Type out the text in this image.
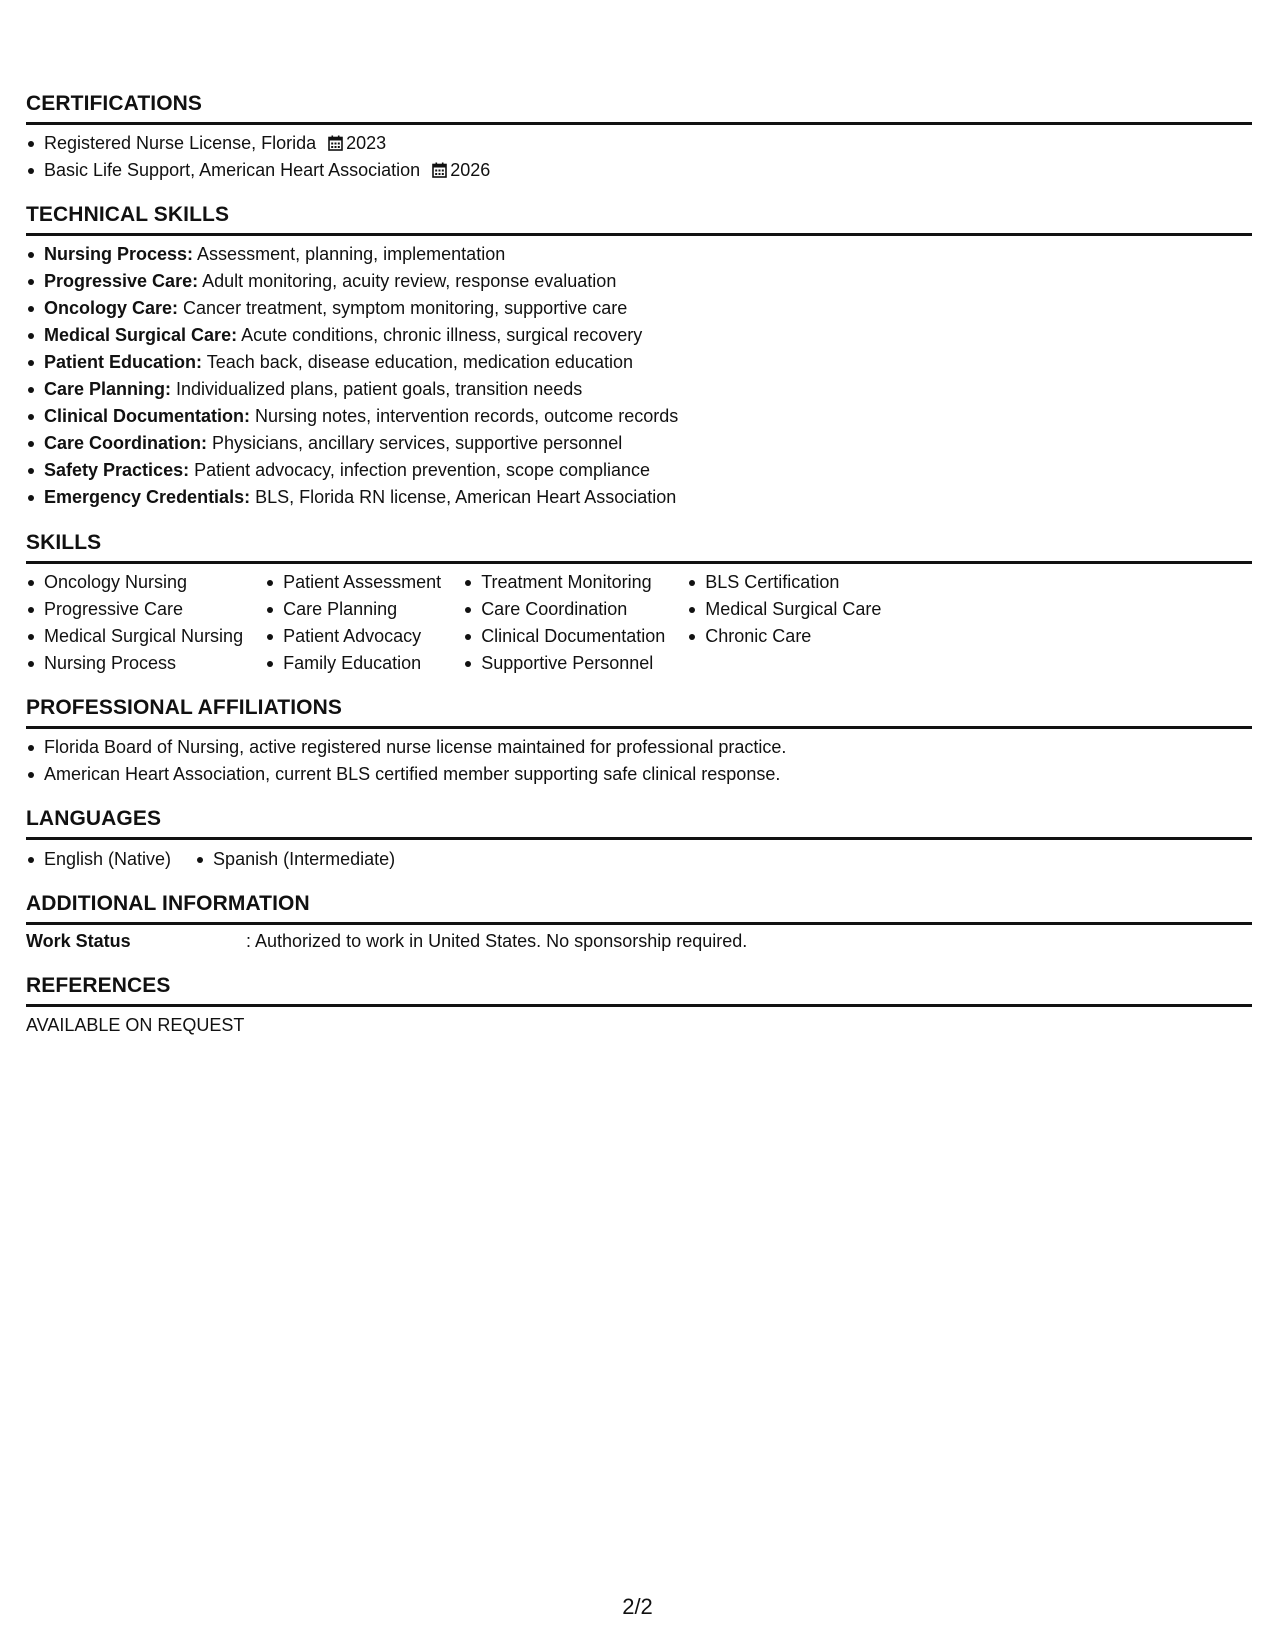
CERTIFICATIONS
Registered Nurse License, Florida 2023
Basic Life Support, American Heart Association 2026
TECHNICAL SKILLS
Nursing Process: Assessment, planning, implementation
Progressive Care: Adult monitoring, acuity review, response evaluation
Oncology Care: Cancer treatment, symptom monitoring, supportive care
Medical Surgical Care: Acute conditions, chronic illness, surgical recovery
Patient Education: Teach back, disease education, medication education
Care Planning: Individualized plans, patient goals, transition needs
Clinical Documentation: Nursing notes, intervention records, outcome records
Care Coordination: Physicians, ancillary services, supportive personnel
Safety Practices: Patient advocacy, infection prevention, scope compliance
Emergency Credentials: BLS, Florida RN license, American Heart Association
SKILLS
Oncology Nursing
Progressive Care
Medical Surgical Nursing
Nursing Process
Patient Assessment
Care Planning
Patient Advocacy
Family Education
Treatment Monitoring
Care Coordination
Clinical Documentation
Supportive Personnel
BLS Certification
Medical Surgical Care
Chronic Care
PROFESSIONAL AFFILIATIONS
Florida Board of Nursing, active registered nurse license maintained for professional practice.
American Heart Association, current BLS certified member supporting safe clinical response.
LANGUAGES
English (Native)	Spanish (Intermediate)
ADDITIONAL INFORMATION
Work Status	: Authorized to work in United States. No sponsorship required.
REFERENCES
AVAILABLE ON REQUEST
2/2
